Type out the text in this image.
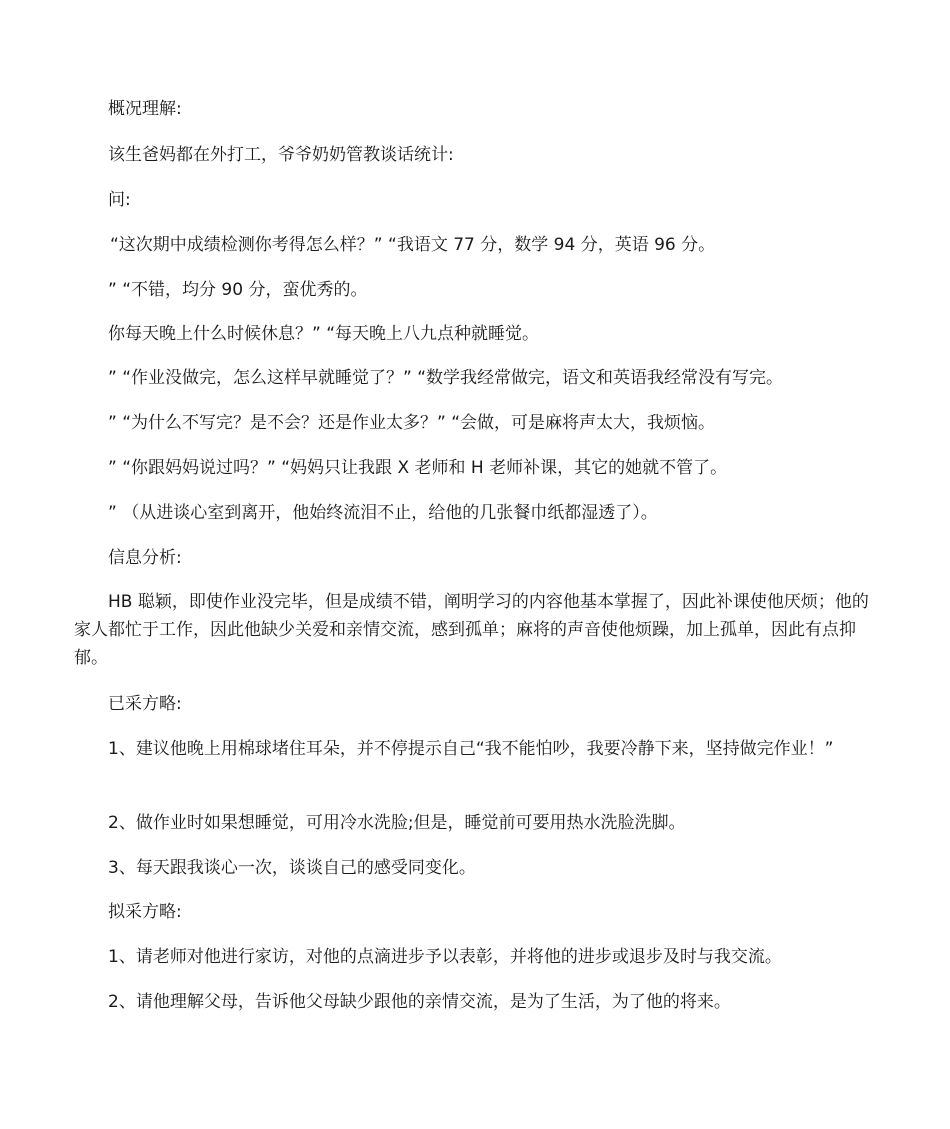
概况理解:

该生爸妈都在外打工，爷爷奶奶管教谈话统计:

问:

“这次期中成绩检测你考得怎么样？” “我语文 77 分，数学 94 分，英语 96 分。

” “不错，均分 90 分，蛮优秀的。

你每天晚上什么时候休息？” “每天晚上八九点种就睡觉。

” “作业没做完，怎么这样早就睡觉了？” “数学我经常做完，语文和英语我经常没有写完。

” “为什么不写完？是不会？还是作业太多？” “会做，可是麻将声太大，我烦恼。

” “你跟妈妈说过吗？” “妈妈只让我跟 X 老师和 H 老师补课，其它的她就不管了。

” （从进谈心室到离开，他始终流泪不止，给他的几张餐巾纸都湿透了）。

信息分析:

HB 聪颖，即使作业没完毕，但是成绩不错，阐明学习的内容他基本掌握了，因此补课使他厌烦；他的家人都忙于工作，因此他缺少关爱和亲情交流，感到孤单；麻将的声音使他烦躁，加上孤单，因此有点抑郁。

已采方略:

1、建议他晚上用棉球堵住耳朵，并不停提示自己“我不能怕吵，我要冷静下来，坚持做完作业！”

2、做作业时如果想睡觉，可用冷水洗脸;但是，睡觉前可要用热水洗脸洗脚。

3、每天跟我谈心一次，谈谈自己的感受同变化。

拟采方略:

1、请老师对他进行家访，对他的点滴进步予以表彰，并将他的进步或退步及时与我交流。

2、请他理解父母，告诉他父母缺少跟他的亲情交流，是为了生活，为了他的将来。
